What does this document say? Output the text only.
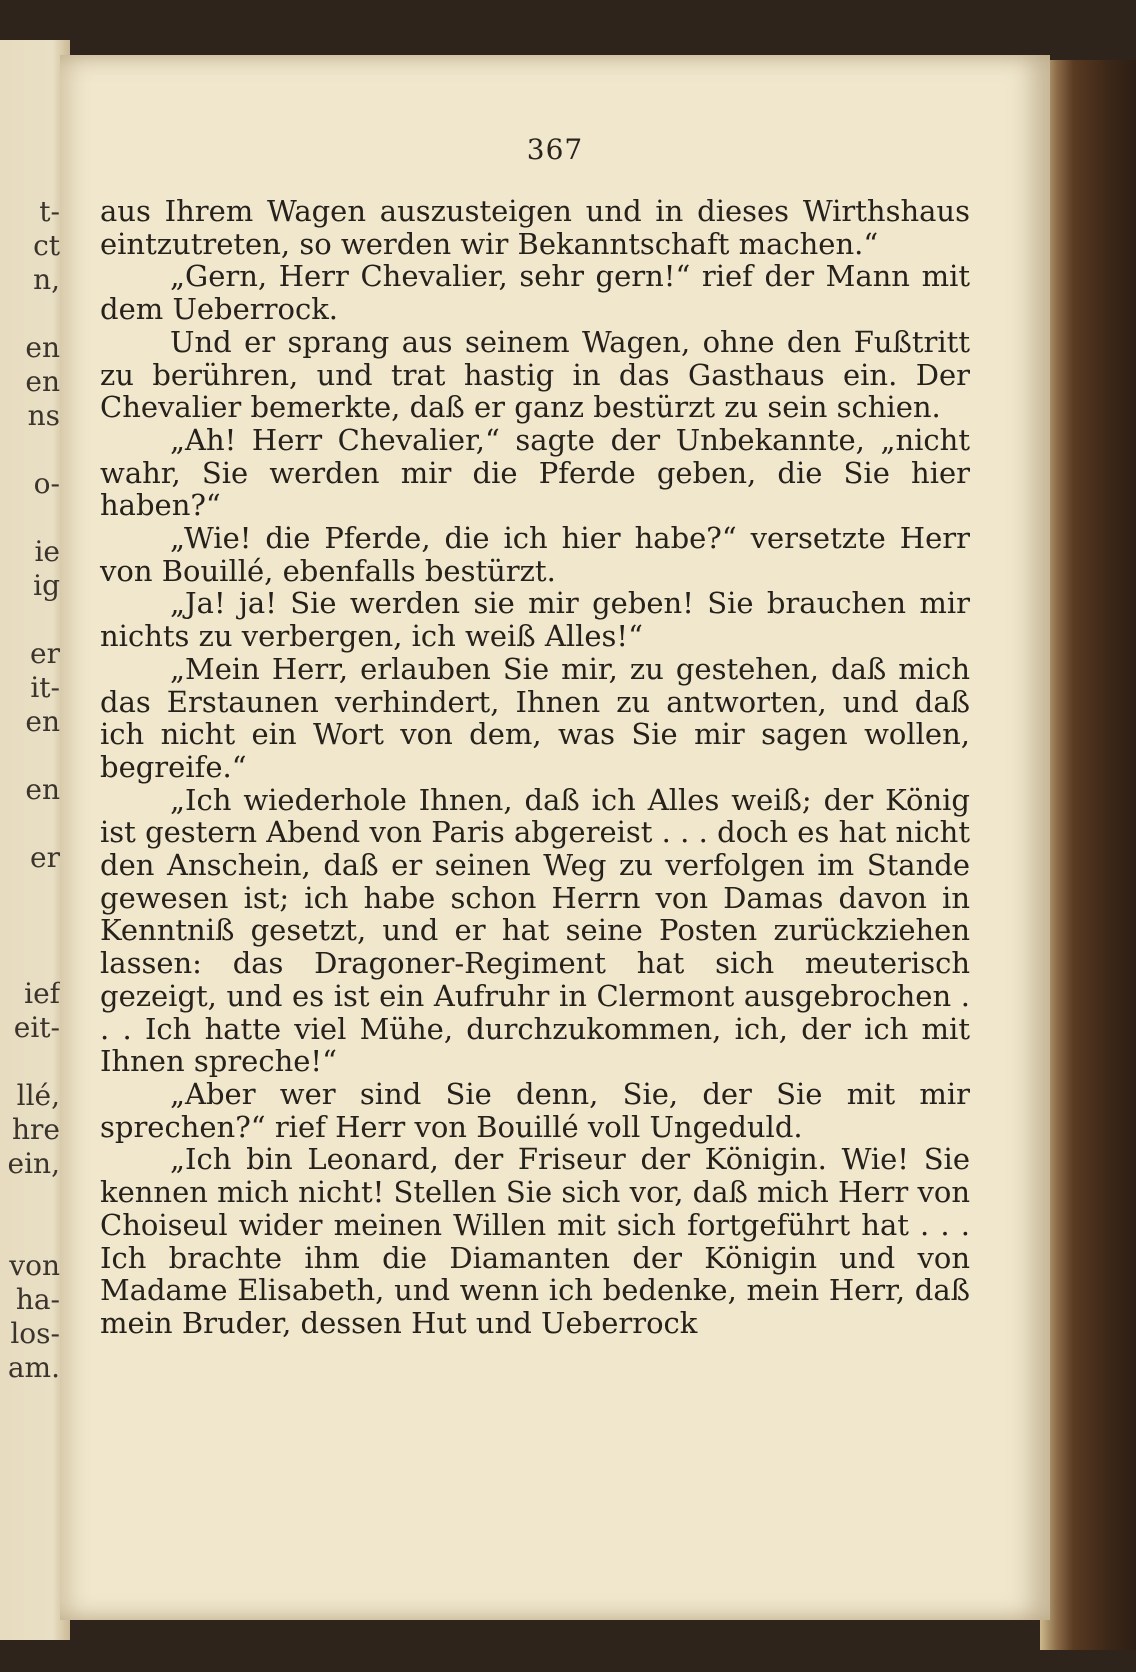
t-
ct
n,

en
en
ns

o-

ie
ig

er
it-
en

en

er

ief
eit-

llé,
hre
ein,

von
ha-
los-
am.
367

aus Ihrem Wagen auszusteigen und in dieses Wirthshaus eintzutreten, so werden wir Bekanntschaft machen.“

„Gern, Herr Chevalier, sehr gern!“ rief der Mann mit dem Ueberrock.

Und er sprang aus seinem Wagen, ohne den Fußtritt zu berühren, und trat hastig in das Gasthaus ein. Der Chevalier bemerkte, daß er ganz bestürzt zu sein schien.

„Ah! Herr Chevalier,“ sagte der Unbekannte, „nicht wahr, Sie werden mir die Pferde geben, die Sie hier haben?“

„Wie! die Pferde, die ich hier habe?“ versetzte Herr von Bouillé, ebenfalls bestürzt.

„Ja! ja! Sie werden sie mir geben! Sie brauchen mir nichts zu verbergen, ich weiß Alles!“

„Mein Herr, erlauben Sie mir, zu gestehen, daß mich das Erstaunen verhindert, Ihnen zu antworten, und daß ich nicht ein Wort von dem, was Sie mir sagen wollen, begreife.“

„Ich wiederhole Ihnen, daß ich Alles weiß; der König ist gestern Abend von Paris abgereist . . . doch es hat nicht den Anschein, daß er seinen Weg zu verfolgen im Stande gewesen ist; ich habe schon Herrn von Damas davon in Kenntniß gesetzt, und er hat seine Posten zurückziehen lassen: das Dragoner-Regiment hat sich meuterisch gezeigt, und es ist ein Aufruhr in Clermont ausgebrochen . . . Ich hatte viel Mühe, durchzukommen, ich, der ich mit Ihnen spreche!“

„Aber wer sind Sie denn, Sie, der Sie mit mir sprechen?“ rief Herr von Bouillé voll Ungeduld.

„Ich bin Leonard, der Friseur der Königin. Wie! Sie kennen mich nicht! Stellen Sie sich vor, daß mich Herr von Choiseul wider meinen Willen mit sich fortgeführt hat . . . Ich brachte ihm die Diamanten der Königin und von Madame Elisabeth, und wenn ich bedenke, mein Herr, daß mein Bruder, dessen Hut und Ueberrock
